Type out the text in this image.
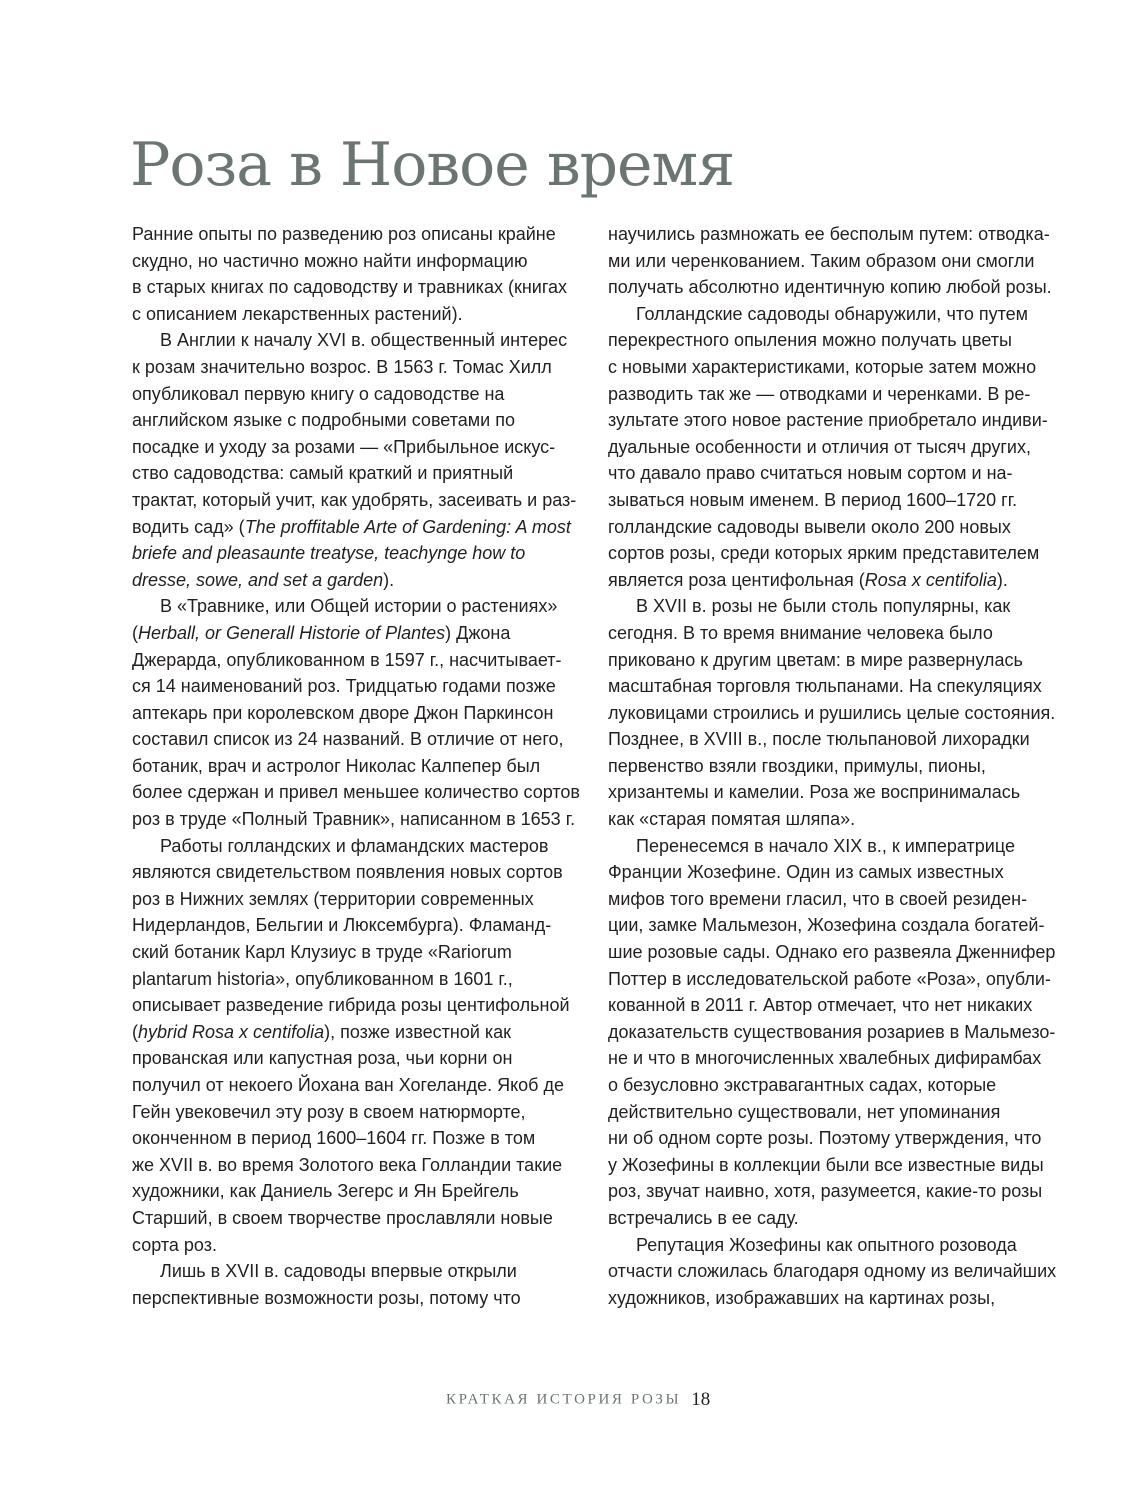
Роза в Новое время
Ранние опыты по разведению роз описаны крайне
скудно, но частично можно найти информацию
в старых книгах по садоводству и травниках (книгах
с описанием лекарственных растений).
В Англии к началу XVI в. общественный интерес
к розам значительно возрос. В 1563 г. Томас Хилл
опубликовал первую книгу о садоводстве на
английском языке с подробными советами по
посадке и уходу за розами — «Прибыльное искус-
ство садоводства: самый краткий и приятный
трактат, который учит, как удобрять, засеивать и раз-
водить сад» (The proffitable Arte of Gardening: A most
briefe and pleasaunte treatyse, teachynge how to
dresse, sowe, and set a garden).
В «Травнике, или Общей истории о растениях»
(Herball, or Generall Historie of Plantes) Джона
Джерарда, опубликованном в 1597 г., насчитывает-
ся 14 наименований роз. Тридцатью годами позже
аптекарь при королевском дворе Джон Паркинсон
составил список из 24 названий. В отличие от него,
ботаник, врач и астролог Николас Калпепер был
более сдержан и привел меньшее количество сортов
роз в труде «Полный Травник», написанном в 1653 г.
Работы голландских и фламандских мастеров
являются свидетельством появления новых сортов
роз в Нижних землях (территории современных
Нидерландов, Бельгии и Люксембурга). Фламанд-
ский ботаник Карл Клузиус в труде «Rariorum
plantarum historia», опубликованном в 1601 г.,
описывает разведение гибрида розы центифольной
(hybrid Rosa x centifolia), позже известной как
прованская или капустная роза, чьи корни он
получил от некоего Йохана ван Хогеланде. Якоб де
Гейн увековечил эту розу в своем натюрморте,
оконченном в период 1600–1604 гг. Позже в том
же XVII в. во время Золотого века Голландии такие
художники, как Даниель Зегерс и Ян Брейгель
Старший, в своем творчестве прославляли новые
сорта роз.
Лишь в XVII в. садоводы впервые открыли
перспективные возможности розы, потому что
научились размножать ее бесполым путем: отводка-
ми или черенкованием. Таким образом они смогли
получать абсолютно идентичную копию любой розы.
Голландские садоводы обнаружили, что путем
перекрестного опыления можно получать цветы
с новыми характеристиками, которые затем можно
разводить так же — отводками и черенками. В ре-
зультате этого новое растение приобретало индиви-
дуальные особенности и отличия от тысяч других,
что давало право считаться новым сортом и на-
зываться новым именем. В период 1600–1720 гг.
голландские садоводы вывели около 200 новых
сортов розы, среди которых ярким представителем
является роза центифольная (Rosa x centifolia).
В XVII в. розы не были столь популярны, как
сегодня. В то время внимание человека было
приковано к другим цветам: в мире развернулась
масштабная торговля тюльпанами. На спекуляциях
луковицами строились и рушились целые состояния.
Позднее, в XVIII в., после тюльпановой лихорадки
первенство взяли гвоздики, примулы, пионы,
хризантемы и камелии. Роза же воспринималась
как «старая помятая шляпа».
Перенесемся в начало XIX в., к императрице
Франции Жозефине. Один из самых известных
мифов того времени гласил, что в своей резиден-
ции, замке Мальмезон, Жозефина создала богатей-
шие розовые сады. Однако его развеяла Дженнифер
Поттер в исследовательской работе «Роза», опубли-
кованной в 2011 г. Автор отмечает, что нет никаких
доказательств существования розариев в Мальмезо-
не и что в многочисленных хвалебных дифирамбах
о безусловно экстравагантных садах, которые
действительно существовали, нет упоминания
ни об одном сорте розы. Поэтому утверждения, что
у Жозефины в коллекции были все известные виды
роз, звучат наивно, хотя, разумеется, какие-то розы
встречались в ее саду.
Репутация Жозефины как опытного розовода
отчасти сложилась благодаря одному из величайших
художников, изображавших на картинах розы,
КРАТКАЯ ИСТОРИЯ РОЗЫ 18
